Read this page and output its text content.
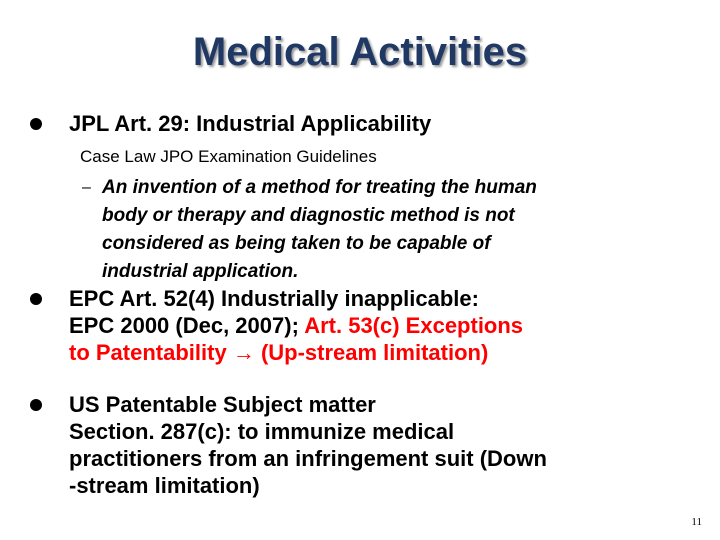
Medical Activities
JPL Art. 29: Industrial Applicability
Case Law JPO Examination Guidelines
– An invention of a method for treating the human
body or therapy and diagnostic method is not
considered as being taken to be capable of
industrial application.
EPC Art. 52(4) Industrially inapplicable:
EPC 2000 (Dec, 2007); Art. 53(c) Exceptions
to Patentability → (Up-stream limitation)
US Patentable Subject matter
Section. 287(c): to immunize medical
practitioners from an infringement suit (Down
-stream limitation)
11
